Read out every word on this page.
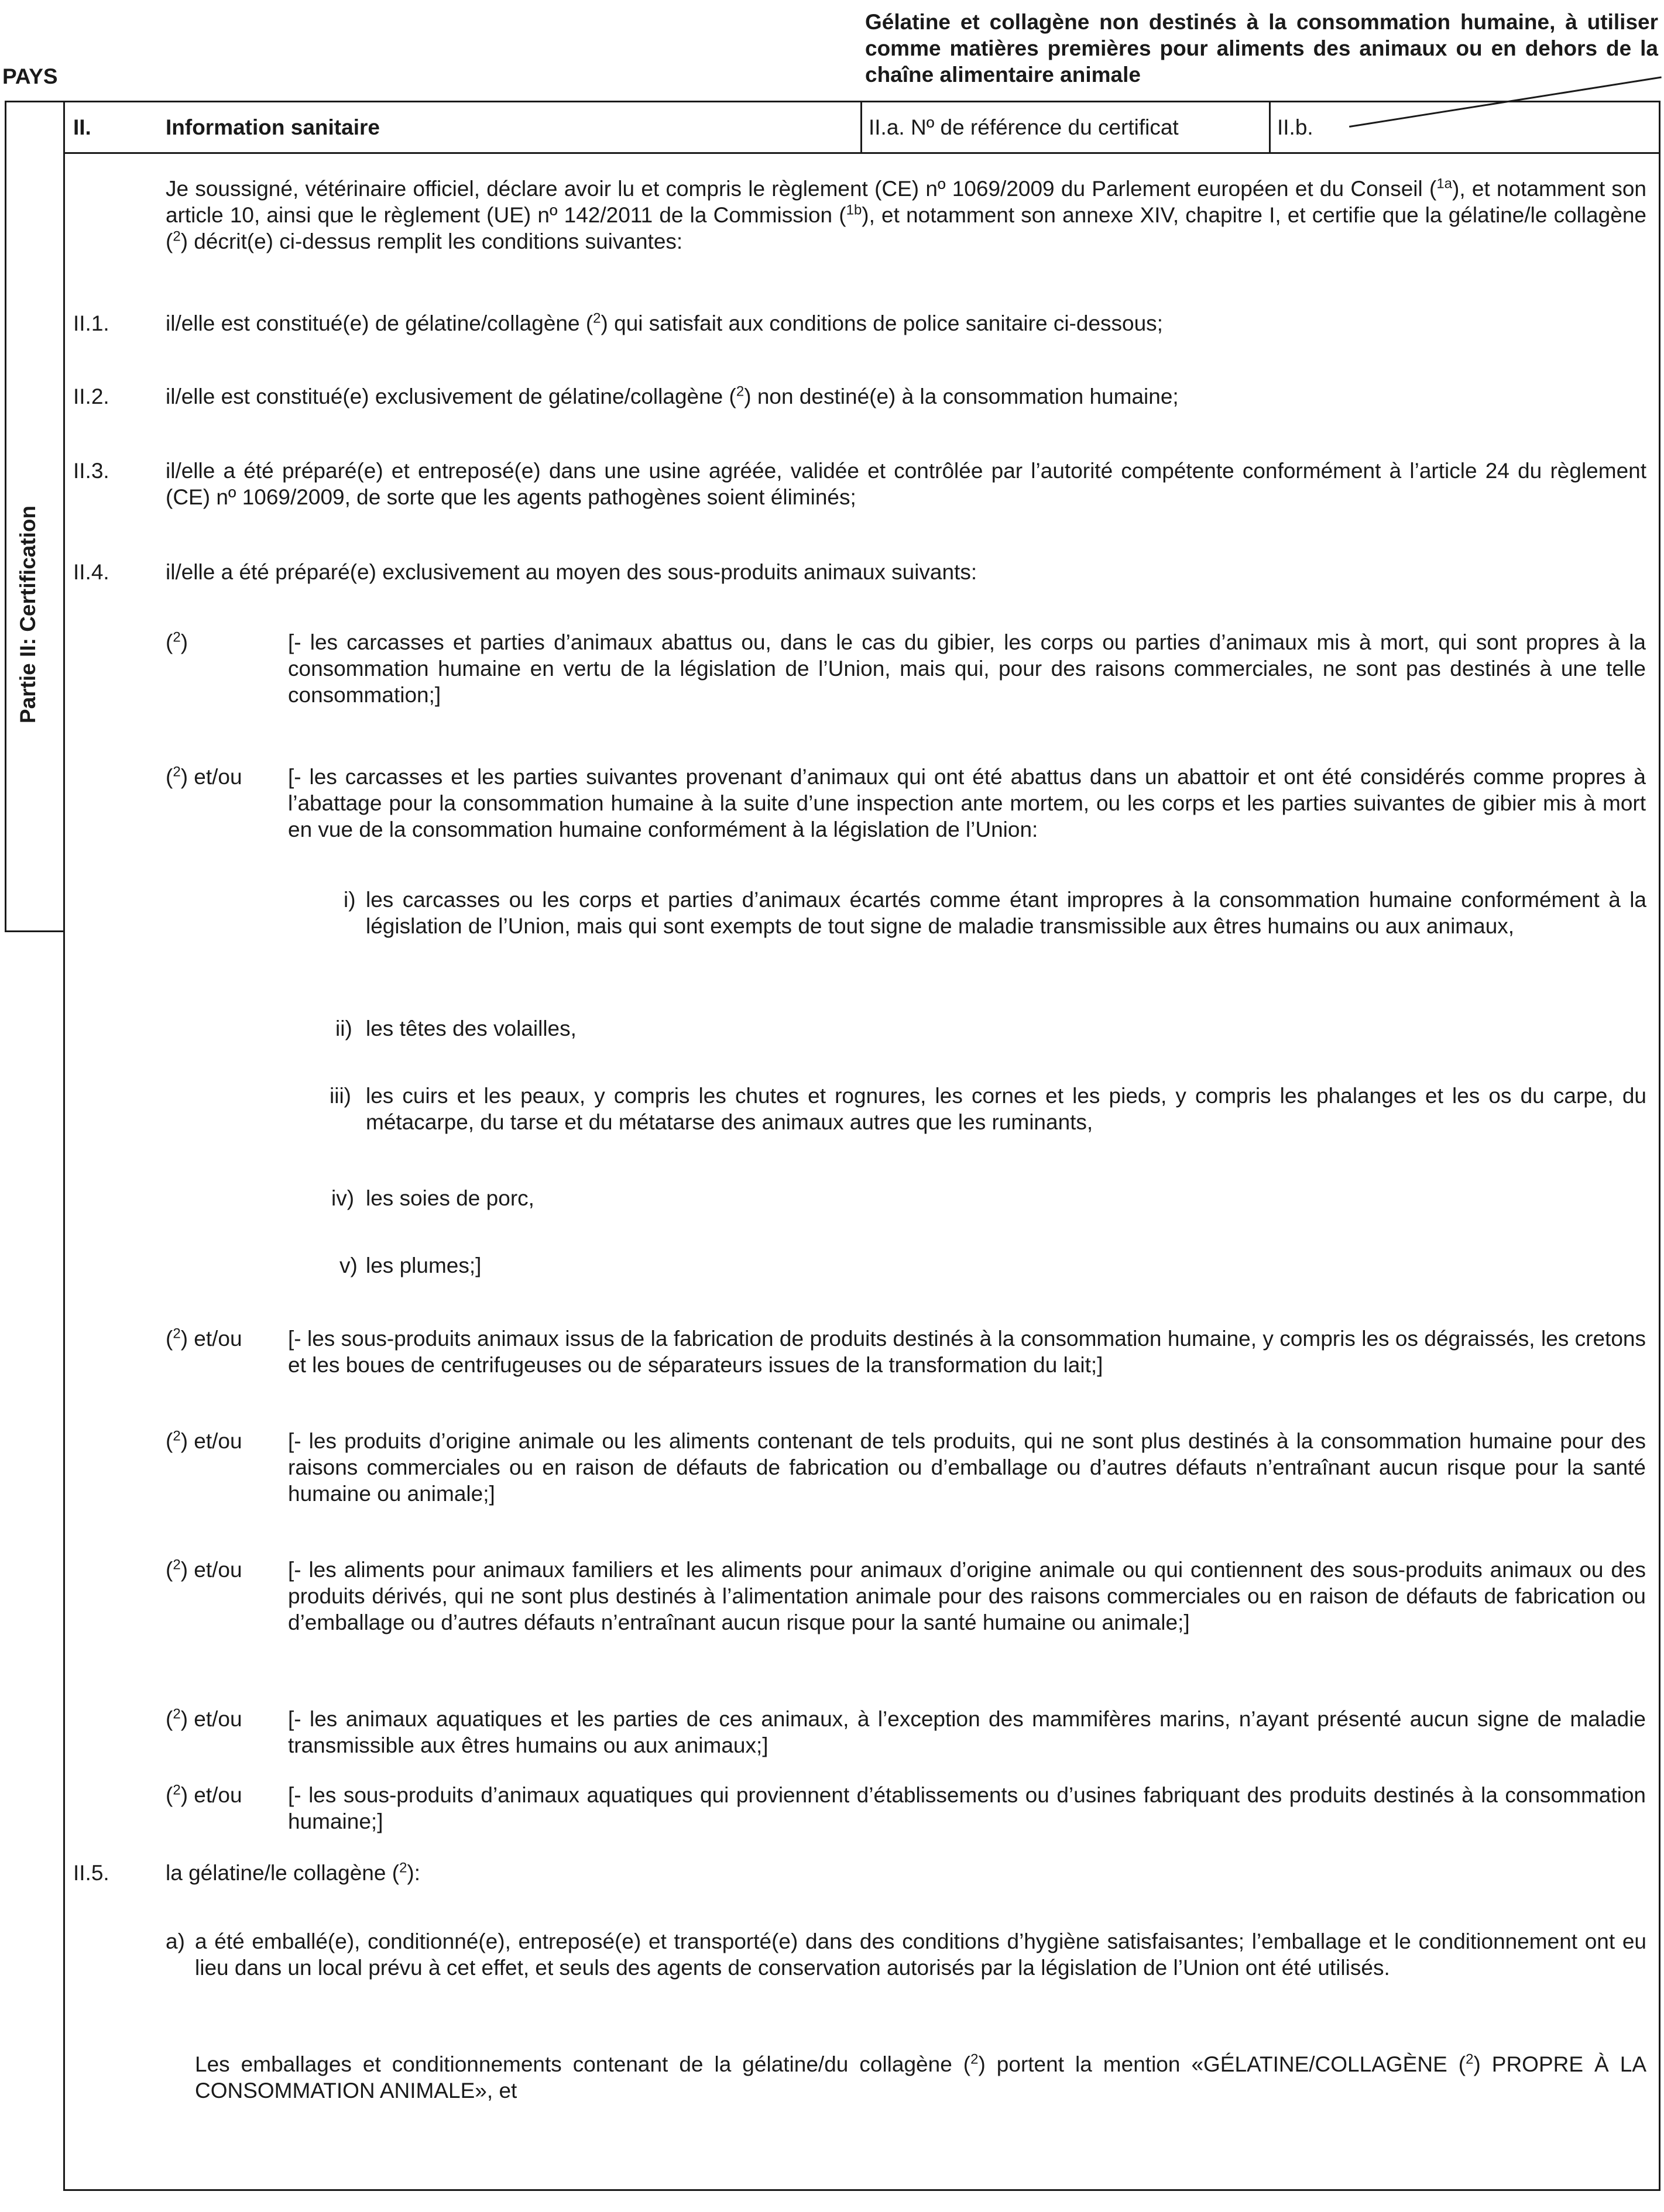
PAYS
Gélatine et collagène non destinés à la consommation humaine, à utiliser comme matières premières pour aliments des animaux ou en dehors de la chaîne alimentaire animale
Partie II: Certification
II.	Information sanitaire	II.a. Nº de référence du certificat	II.b.
Je soussigné, vétérinaire officiel, déclare avoir lu et compris le règlement (CE) nº 1069/2009 du Parlement européen et du Conseil ($^{1a}$), et notamment son article 10, ainsi que le règlement (UE) nº 142/2011 de la Commission ($^{1b}$), et notamment son annexe XIV, chapitre I, et certifie que la gélatine/le collagène ($^2$) décrit(e) ci-dessus remplit les conditions suivantes:
II.1.	il/elle est constitué(e) de gélatine/collagène ($^2$) qui satisfait aux conditions de police sanitaire ci-dessous;
II.2.	il/elle est constitué(e) exclusivement de gélatine/collagène ($^2$) non destiné(e) à la consommation humaine;
II.3.	il/elle a été préparé(e) et entreposé(e) dans une usine agréée, validée et contrôlée par l’autorité compétente conformément à l’article 24 du règlement (CE) nº 1069/2009, de sorte que les agents pathogènes soient éliminés;
II.4.	il/elle a été préparé(e) exclusivement au moyen des sous-produits animaux suivants:
($^2$)	[- les carcasses et parties d’animaux abattus ou, dans le cas du gibier, les corps ou parties d’animaux mis à mort, qui sont propres à la consommation humaine en vertu de la législation de l’Union, mais qui, pour des raisons commerciales, ne sont pas destinés à une telle consommation;]
($^2$) et/ou [- les carcasses et les parties suivantes provenant d’animaux qui ont été abattus dans un abattoir et ont été considérés comme propres à l’abattage pour la consommation humaine à la suite d’une inspection ante mortem, ou les corps et les parties suivantes de gibier mis à mort en vue de la consommation humaine conformément à la législation de l’Union:
i) les carcasses ou les corps et parties d’animaux écartés comme étant impropres à la consommation humaine conformément à la législation de l’Union, mais qui sont exempts de tout signe de maladie transmissible aux êtres humains ou aux animaux,
ii) les têtes des volailles,
iii) les cuirs et les peaux, y compris les chutes et rognures, les cornes et les pieds, y compris les phalanges et les os du carpe, du métacarpe, du tarse et du métatarse des animaux autres que les ruminants,
iv) les soies de porc,
v) les plumes;]
($^2$) et/ou [- les sous-produits animaux issus de la fabrication de produits destinés à la consommation humaine, y compris les os dégraissés, les cretons et les boues de centrifugeuses ou de séparateurs issues de la transformation du lait;]
($^2$) et/ou [- les produits d’origine animale ou les aliments contenant de tels produits, qui ne sont plus destinés à la consommation humaine pour des raisons commerciales ou en raison de défauts de fabrication ou d’emballage ou d’autres défauts n’entraînant aucun risque pour la santé humaine ou animale;]
($^2$) et/ou [- les aliments pour animaux familiers et les aliments pour animaux d’origine animale ou qui contiennent des sous-produits animaux ou des produits dérivés, qui ne sont plus destinés à l’alimentation animale pour des raisons commerciales ou en raison de défauts de fabrication ou d’emballage ou d’autres défauts n’entraînant aucun risque pour la santé humaine ou animale;]
($^2$) et/ou [- les animaux aquatiques et les parties de ces animaux, à l’exception des mammifères marins, n’ayant présenté aucun signe de maladie transmissible aux êtres humains ou aux animaux;]
($^2$) et/ou [- les sous-produits d’animaux aquatiques qui proviennent d’établissements ou d’usines fabriquant des produits destinés à la consommation humaine;]
II.5.	la gélatine/le collagène ($^2$):
a) a été emballé(e), conditionné(e), entreposé(e) et transporté(e) dans des conditions d’hygiène satisfaisantes; l’emballage et le conditionnement ont eu lieu dans un local prévu à cet effet, et seuls des agents de conservation autorisés par la législation de l’Union ont été utilisés.
Les emballages et conditionnements contenant de la gélatine/du collagène ($^2$) portent la mention «GÉLATINE/COLLAGÈNE ($^2$) PROPRE À LA CONSOMMATION ANIMALE», et
